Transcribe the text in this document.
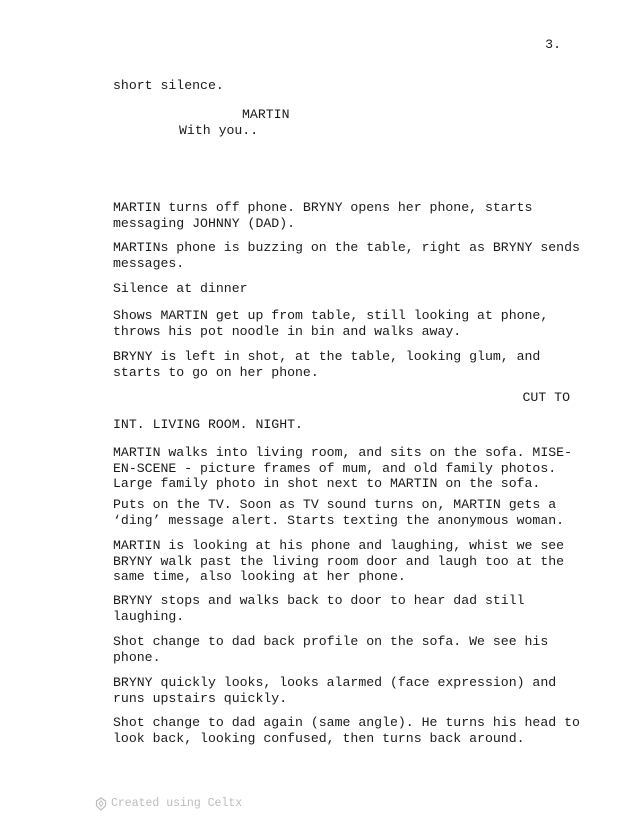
3.
short silence.
MARTIN
With you..
MARTIN turns off phone. BRYNY opens her phone, starts messaging JOHNNY (DAD).
MARTINs phone is buzzing on the table, right as BRYNY sends messages.
Silence at dinner
Shows MARTIN get up from table, still looking at phone, throws his pot noodle in bin and walks away.
BRYNY is left in shot, at the table, looking glum, and starts to go on her phone.
CUT TO
INT. LIVING ROOM. NIGHT.
MARTIN walks into living room, and sits on the sofa. MISE-EN-SCENE - picture frames of mum, and old family photos. Large family photo in shot next to MARTIN on the sofa.
Puts on the TV. Soon as TV sound turns on, MARTIN gets a ‘ding’ message alert. Starts texting the anonymous woman.
MARTIN is looking at his phone and laughing, whist we see BRYNY walk past the living room door and laugh too at the same time, also looking at her phone.
BRYNY stops and walks back to door to hear dad still laughing.
Shot change to dad back profile on the sofa. We see his phone.
BRYNY quickly looks, looks alarmed (face expression) and runs upstairs quickly.
Shot change to dad again (same angle). He turns his head to look back, looking confused, then turns back around.
Created using Celtx
